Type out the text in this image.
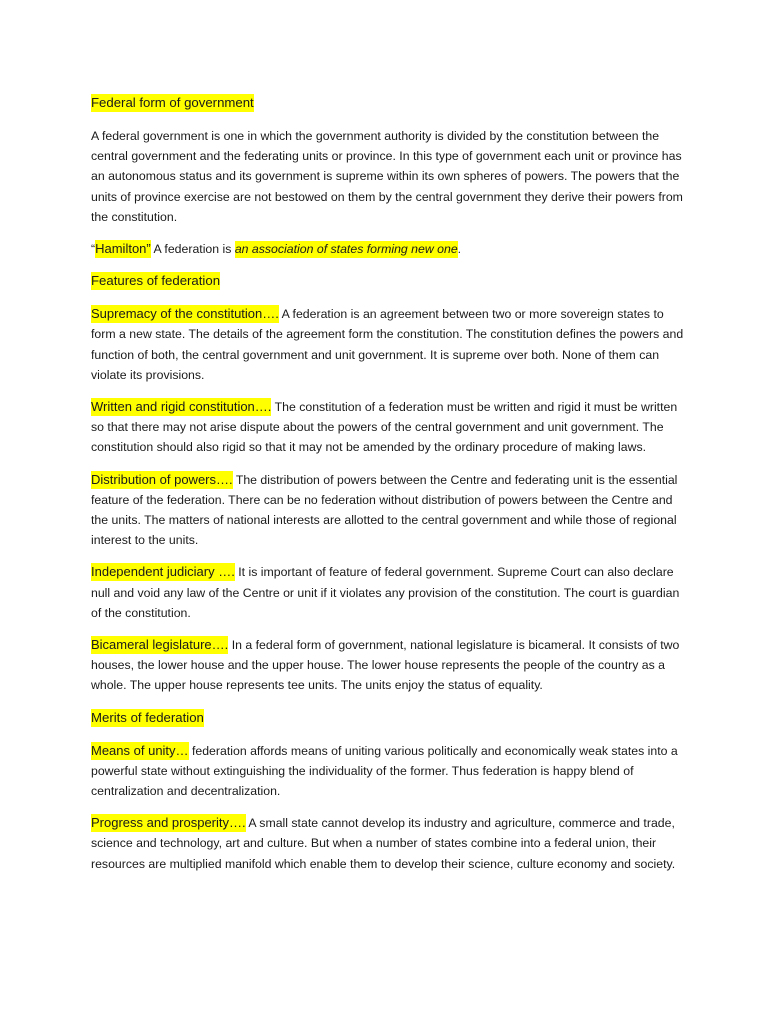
Federal form of government

A federal government is one in which the government authority is divided by the constitution between the central government and the federating units or province. In this type of government each unit or province has an autonomous status and its government is supreme within its own spheres of powers. The powers that the units of province exercise are not bestowed on them by the central government they derive their powers from the constitution.

“Hamilton” A federation is an association of states forming new one.

Features of federation

Supremacy of the constitution…. A federation is an agreement between two or more sovereign states to form a new state. The details of the agreement form the constitution. The constitution defines the powers and function of both, the central government and unit government. It is supreme over both. None of them can violate its provisions.

Written and rigid constitution…. The constitution of a federation must be written and rigid it must be written so that there may not arise dispute about the powers of the central government and unit government. The constitution should also rigid so that it may not be amended by the ordinary procedure of making laws.

Distribution of powers…. The distribution of powers between the Centre and federating unit is the essential feature of the federation. There can be no federation without distribution of powers between the Centre and the units. The matters of national interests are allotted to the central government and while those of regional interest to the units.

Independent judiciary …. It is important of feature of federal government. Supreme Court can also declare null and void any law of the Centre or unit if it violates any provision of the constitution. The court is guardian of the constitution.

Bicameral legislature…. In a federal form of government, national legislature is bicameral. It consists of two houses, the lower house and the upper house. The lower house represents the people of the country as a whole. The upper house represents tee units. The units enjoy the status of equality.

Merits of federation

Means of unity… federation affords means of uniting various politically and economically weak states into a powerful state without extinguishing the individuality of the former. Thus federation is happy blend of centralization and decentralization.

Progress and prosperity…. A small state cannot develop its industry and agriculture, commerce and trade, science and technology, art and culture. But when a number of states combine into a federal union, their resources are multiplied manifold which enable them to develop their science, culture economy and society.
